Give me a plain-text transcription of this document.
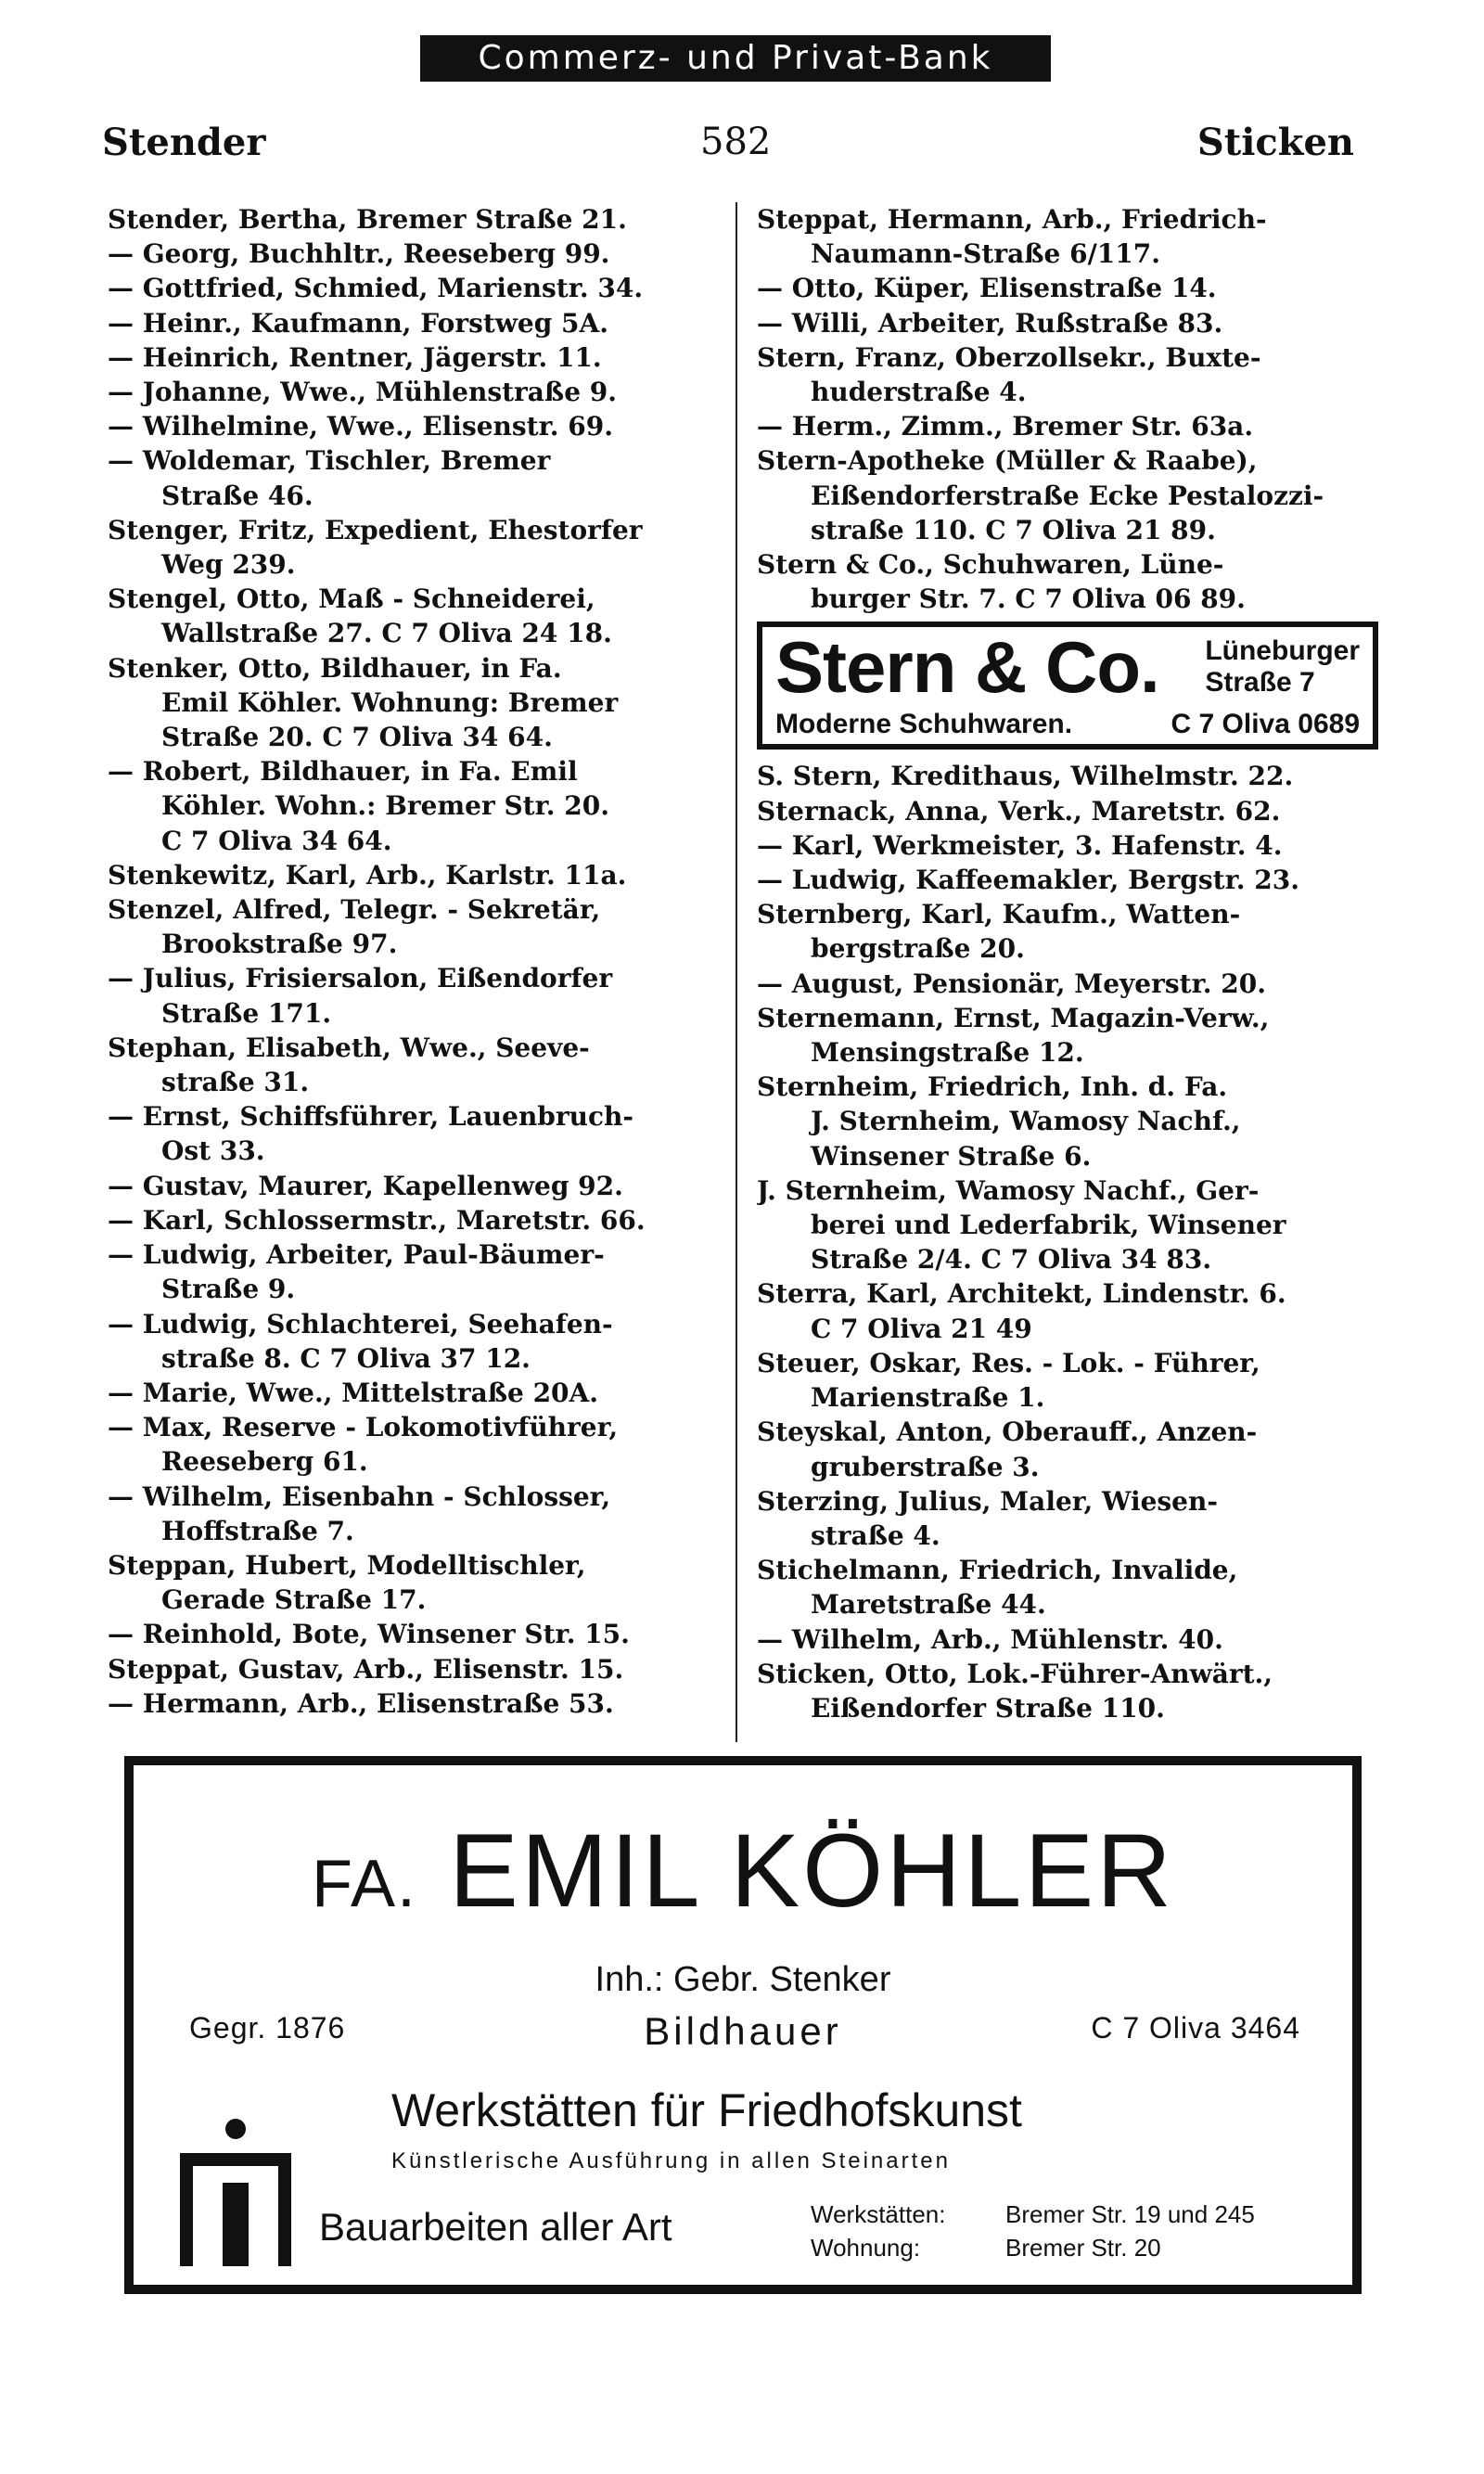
Commerz- und Privat-Bank
Stender	582	Sticken
Stender, Bertha, Bremer Straße 21.
— Georg, Buchhltr., Reeseberg 99.
— Gottfried, Schmied, Marienstr. 34.
— Heinr., Kaufmann, Forstweg 5A.
— Heinrich, Rentner, Jägerstr. 11.
— Johanne, Wwe., Mühlenstraße 9.
— Wilhelmine, Wwe., Elisenstr. 69.
— Woldemar, Tischler, Bremer
Straße 46.
Stenger, Fritz, Expedient, Ehestorfer
Weg 239.
Stengel, Otto, Maß - Schneiderei,
Wallstraße 27. C 7 Oliva 24 18.
Stenker, Otto, Bildhauer, in Fa.
Emil Köhler. Wohnung: Bremer
Straße 20. C 7 Oliva 34 64.
— Robert, Bildhauer, in Fa. Emil
Köhler. Wohn.: Bremer Str. 20.
C 7 Oliva 34 64.
Stenkewitz, Karl, Arb., Karlstr. 11a.
Stenzel, Alfred, Telegr. - Sekretär,
Brookstraße 97.
— Julius, Frisiersalon, Eißendorfer
Straße 171.
Stephan, Elisabeth, Wwe., Seeve-
straße 31.
— Ernst, Schiffsführer, Lauenbruch-
Ost 33.
— Gustav, Maurer, Kapellenweg 92.
— Karl, Schlossermstr., Maretstr. 66.
— Ludwig, Arbeiter, Paul-Bäumer-
Straße 9.
— Ludwig, Schlachterei, Seehafen-
straße 8. C 7 Oliva 37 12.
— Marie, Wwe., Mittelstraße 20A.
— Max, Reserve - Lokomotivführer,
Reeseberg 61.
— Wilhelm, Eisenbahn - Schlosser,
Hoffstraße 7.
Steppan, Hubert, Modelltischler,
Gerade Straße 17.
— Reinhold, Bote, Winsener Str. 15.
Steppat, Gustav, Arb., Elisenstr. 15.
— Hermann, Arb., Elisenstraße 53.
Steppat, Hermann, Arb., Friedrich-
Naumann-Straße 6/117.
— Otto, Küper, Elisenstraße 14.
— Willi, Arbeiter, Rußstraße 83.
Stern, Franz, Oberzollsekr., Buxte-
huderstraße 4.
— Herm., Zimm., Bremer Str. 63a.
Stern-Apotheke (Müller & Raabe),
Eißendorferstraße Ecke Pestalozzi-
straße 110. C 7 Oliva 21 89.
Stern & Co., Schuhwaren, Lüne-
burger Str. 7. C 7 Oliva 06 89.
Stern & Co. Lüneburger
Straße 7
Moderne Schuhwaren.	C 7 Oliva 0689
S. Stern, Kredithaus, Wilhelmstr. 22.
Sternack, Anna, Verk., Maretstr. 62.
— Karl, Werkmeister, 3. Hafenstr. 4.
— Ludwig, Kaffeemakler, Bergstr. 23.
Sternberg, Karl, Kaufm., Watten-
bergstraße 20.
— August, Pensionär, Meyerstr. 20.
Sternemann, Ernst, Magazin-Verw.,
Mensingstraße 12.
Sternheim, Friedrich, Inh. d. Fa.
J. Sternheim, Wamosy Nachf.,
Winsener Straße 6.
J. Sternheim, Wamosy Nachf., Ger-
berei und Lederfabrik, Winsener
Straße 2/4. C 7 Oliva 34 83.
Sterra, Karl, Architekt, Lindenstr. 6.
C 7 Oliva 21 49
Steuer, Oskar, Res. - Lok. - Führer,
Marienstraße 1.
Steyskal, Anton, Oberauff., Anzen-
gruberstraße 3.
Sterzing, Julius, Maler, Wiesen-
straße 4.
Stichelmann, Friedrich, Invalide,
Maretstraße 44.
— Wilhelm, Arb., Mühlenstr. 40.
Sticken, Otto, Lok.-Führer-Anwärt.,
Eißendorfer Straße 110.
FA. EMIL KÖHLER
Inh.: Gebr. Stenker
Gegr. 1876	Bildhauer	C 7 Oliva 3464
Werkstätten für Friedhofskunst
Künstlerische Ausführung in allen Steinarten
Bauarbeiten aller Art	Werkstätten: Bremer Str. 19 und 245
Wohnung:	Bremer Str. 20
